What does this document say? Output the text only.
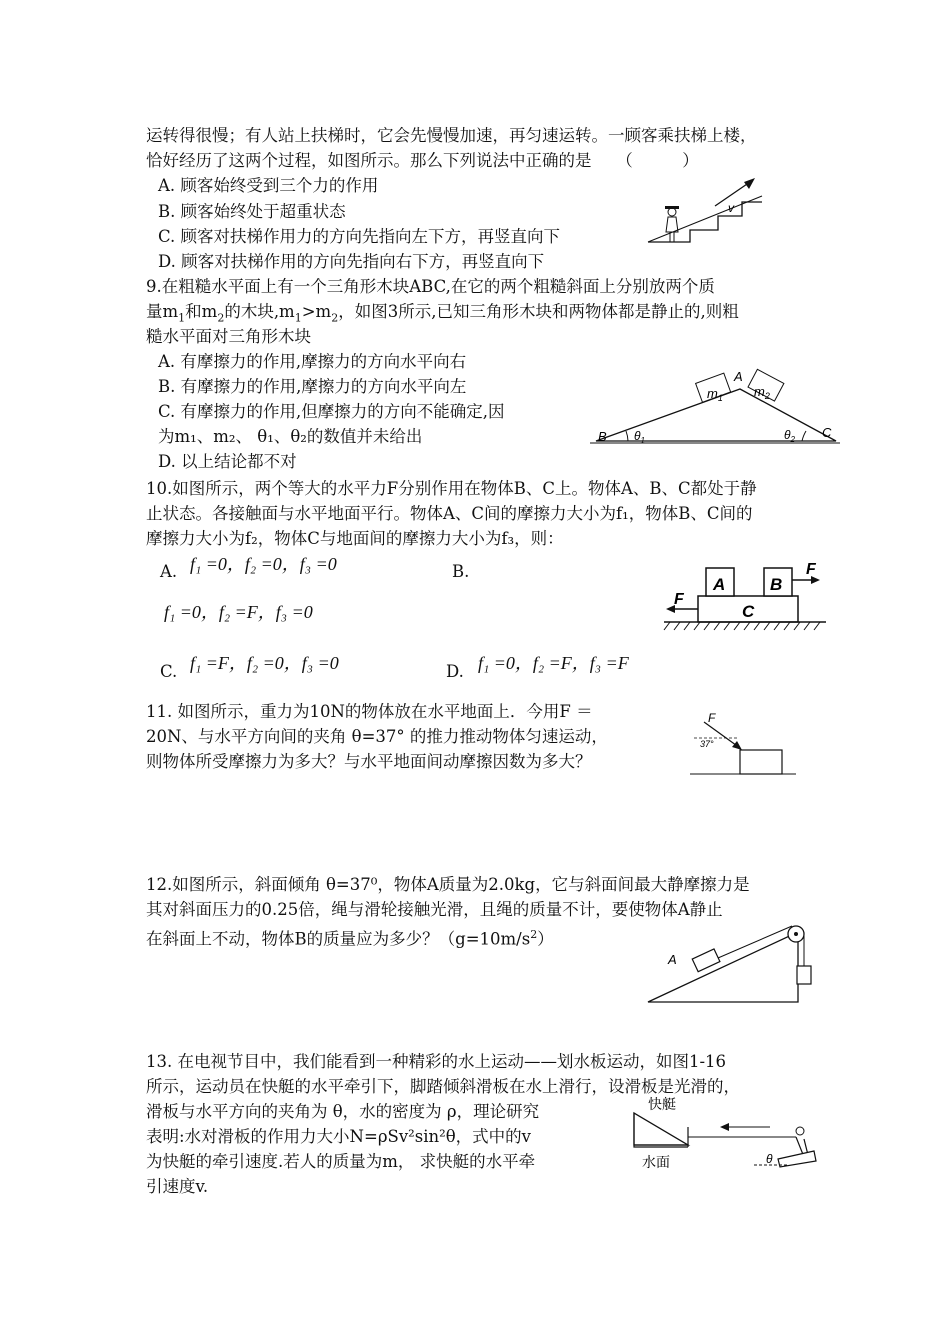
运转得很慢；有人站上扶梯时，它会先慢慢加速，再匀速运转。一顾客乘扶梯上楼，
恰好经历了这两个过程，如图所示。那么下列说法中正确的是　　（　　　）
A. 顾客始终受到三个力的作用
B. 顾客始终处于超重状态
C. 顾客对扶梯作用力的方向先指向左下方，再竖直向下
D. 顾客对扶梯作用的方向先指向右下方，再竖直向下
v
9.在粗糙水平面上有一个三角形木块ABC,在它的两个粗糙斜面上分别放两个质
量$m_1$和$m_2$的木块$,m_1>m_2$，如图3所示,已知三角形木块和两物体都是静止的,则粗
糙水平面对三角形木块
A. 有摩擦力的作用,摩擦力的方向水平向右
B. 有摩擦力的作用,摩擦力的方向水平向左
C. 有摩擦力的作用,但摩擦力的方向不能确定,因
为m₁、m₂、 θ₁、θ₂的数值并未给出
D. 以上结论都不对
$m_1$ $m_2$
A
B	C
$\theta_1$	$\theta_2$
10.如图所示，两个等大的水平力F分别作用在物体B、C上。物体A、B、C都处于静
止状态。各接触面与水平地面平行。物体A、C间的摩擦力大小为f₁，物体B、C间的
摩擦力大小为f₂，物体C与地面间的摩擦力大小为f₃，则：
A. f₁ =0，f₂ =0，f₃ =0	B.
f₁ =0，f₂ =F，f₃ =0
C. f₁ =F，f₂ =0，f₃ =0	D. f₁ =0，f₂ =F，f₃ =F
A	B
C
F
F
11. 如图所示，重力为10N的物体放在水平地面上．今用F ＝
20N、与水平方向间的夹角 θ=37° 的推力推动物体匀速运动，
则物体所受摩擦力为多大？与水平地面间动摩擦因数为多大？
F
37°
12.如图所示，斜面倾角 θ=37⁰，物体A质量为2.0kg，它与斜面间最大静摩擦力是
其对斜面压力的0.25倍，绳与滑轮接触光滑，且绳的质量不计，要使物体A静止
在斜面上不动，物体B的质量应为多少？$(g=10m/s^2)$
A
13. 在电视节目中，我们能看到一种精彩的水上运动——划水板运动，如图1-16
所示，运动员在快艇的水平牵引下，脚踏倾斜滑板在水上滑行，设滑板是光滑的，
滑板与水平方向的夹角为 θ，水的密度为 ρ，理论研究
表明:水对滑板的作用力大小N=ρSv²sin²θ，式中的v
为快艇的牵引速度.若人的质量为m， 求快艇的水平牵
引速度v.
快艇
水面	θ
